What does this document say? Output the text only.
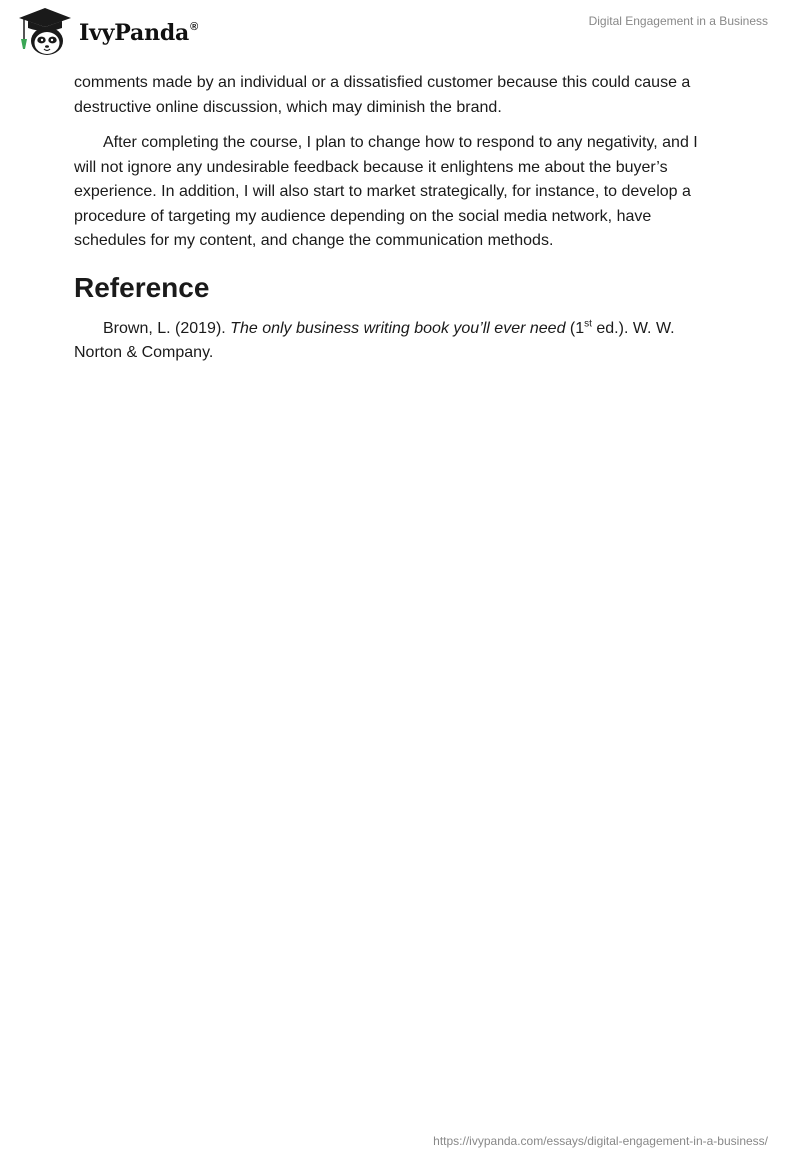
IvyPanda®	Digital Engagement in a Business

comments made by an individual or a dissatisfied customer because this could cause a destructive online discussion, which may diminish the brand.

After completing the course, I plan to change how to respond to any negativity, and I will not ignore any undesirable feedback because it enlightens me about the buyer’s experience. In addition, I will also start to market strategically, for instance, to develop a procedure of targeting my audience depending on the social media network, have schedules for my content, and change the communication methods.

Reference

Brown, L. (2019). The only business writing book you’ll ever need (1st ed.). W. W. Norton & Company.

https://ivypanda.com/essays/digital-engagement-in-a-business/
